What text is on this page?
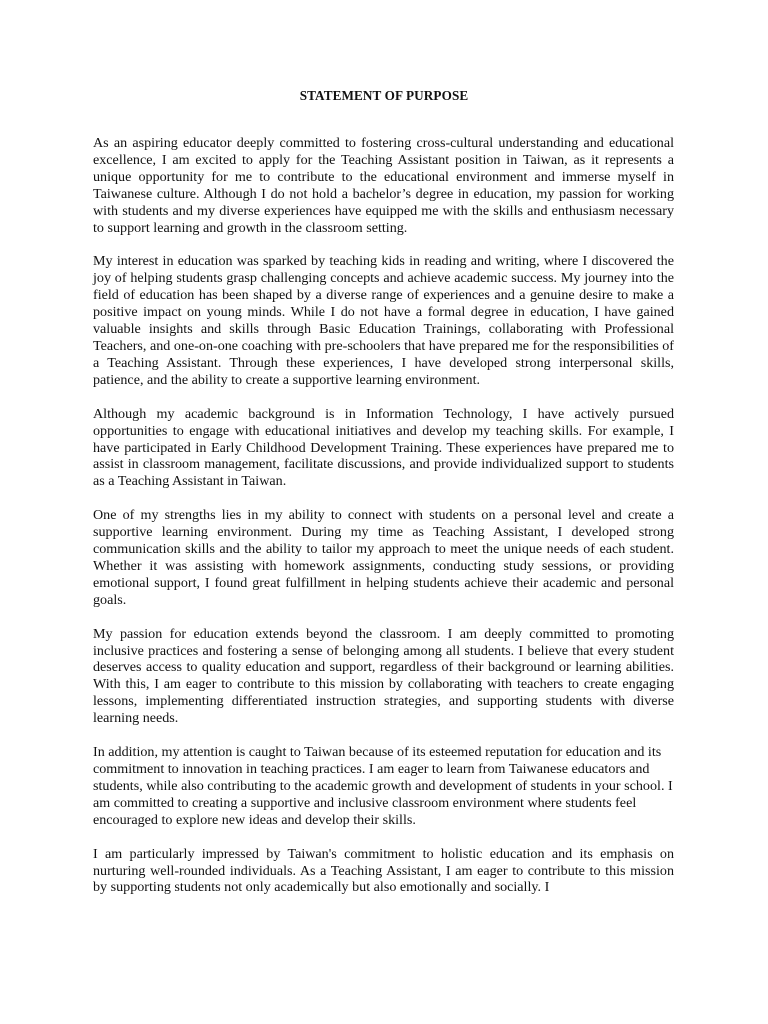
STATEMENT OF PURPOSE

As an aspiring educator deeply committed to fostering cross-cultural understanding and educational excellence, I am excited to apply for the Teaching Assistant position in Taiwan, as it represents a unique opportunity for me to contribute to the educational environment and immerse myself in Taiwanese culture. Although I do not hold a bachelor’s degree in education, my passion for working with students and my diverse experiences have equipped me with the skills and enthusiasm necessary to support learning and growth in the classroom setting.

My interest in education was sparked by teaching kids in reading and writing, where I discovered the joy of helping students grasp challenging concepts and achieve academic success. My journey into the field of education has been shaped by a diverse range of experiences and a genuine desire to make a positive impact on young minds. While I do not have a formal degree in education, I have gained valuable insights and skills through Basic Education Trainings, collaborating with Professional Teachers, and one-on-one coaching with pre-schoolers that have prepared me for the responsibilities of a Teaching Assistant. Through these experiences, I have developed strong interpersonal skills, patience, and the ability to create a supportive learning environment.

Although my academic background is in Information Technology, I have actively pursued opportunities to engage with educational initiatives and develop my teaching skills. For example, I have participated in Early Childhood Development Training. These experiences have prepared me to assist in classroom management, facilitate discussions, and provide individualized support to students as a Teaching Assistant in Taiwan.

One of my strengths lies in my ability to connect with students on a personal level and create a supportive learning environment. During my time as Teaching Assistant, I developed strong communication skills and the ability to tailor my approach to meet the unique needs of each student. Whether it was assisting with homework assignments, conducting study sessions, or providing emotional support, I found great fulfillment in helping students achieve their academic and personal goals.

My passion for education extends beyond the classroom. I am deeply committed to promoting inclusive practices and fostering a sense of belonging among all students. I believe that every student deserves access to quality education and support, regardless of their background or learning abilities. With this, I am eager to contribute to this mission by collaborating with teachers to create engaging lessons, implementing differentiated instruction strategies, and supporting students with diverse learning needs.

In addition, my attention is caught to Taiwan because of its esteemed reputation for education and its commitment to innovation in teaching practices. I am eager to learn from Taiwanese educators and students, while also contributing to the academic growth and development of students in your school. I am committed to creating a supportive and inclusive classroom environment where students feel encouraged to explore new ideas and develop their skills.

I am particularly impressed by Taiwan's commitment to holistic education and its emphasis on nurturing well-rounded individuals. As a Teaching Assistant, I am eager to contribute to this mission by supporting students not only academically but also emotionally and socially. I
